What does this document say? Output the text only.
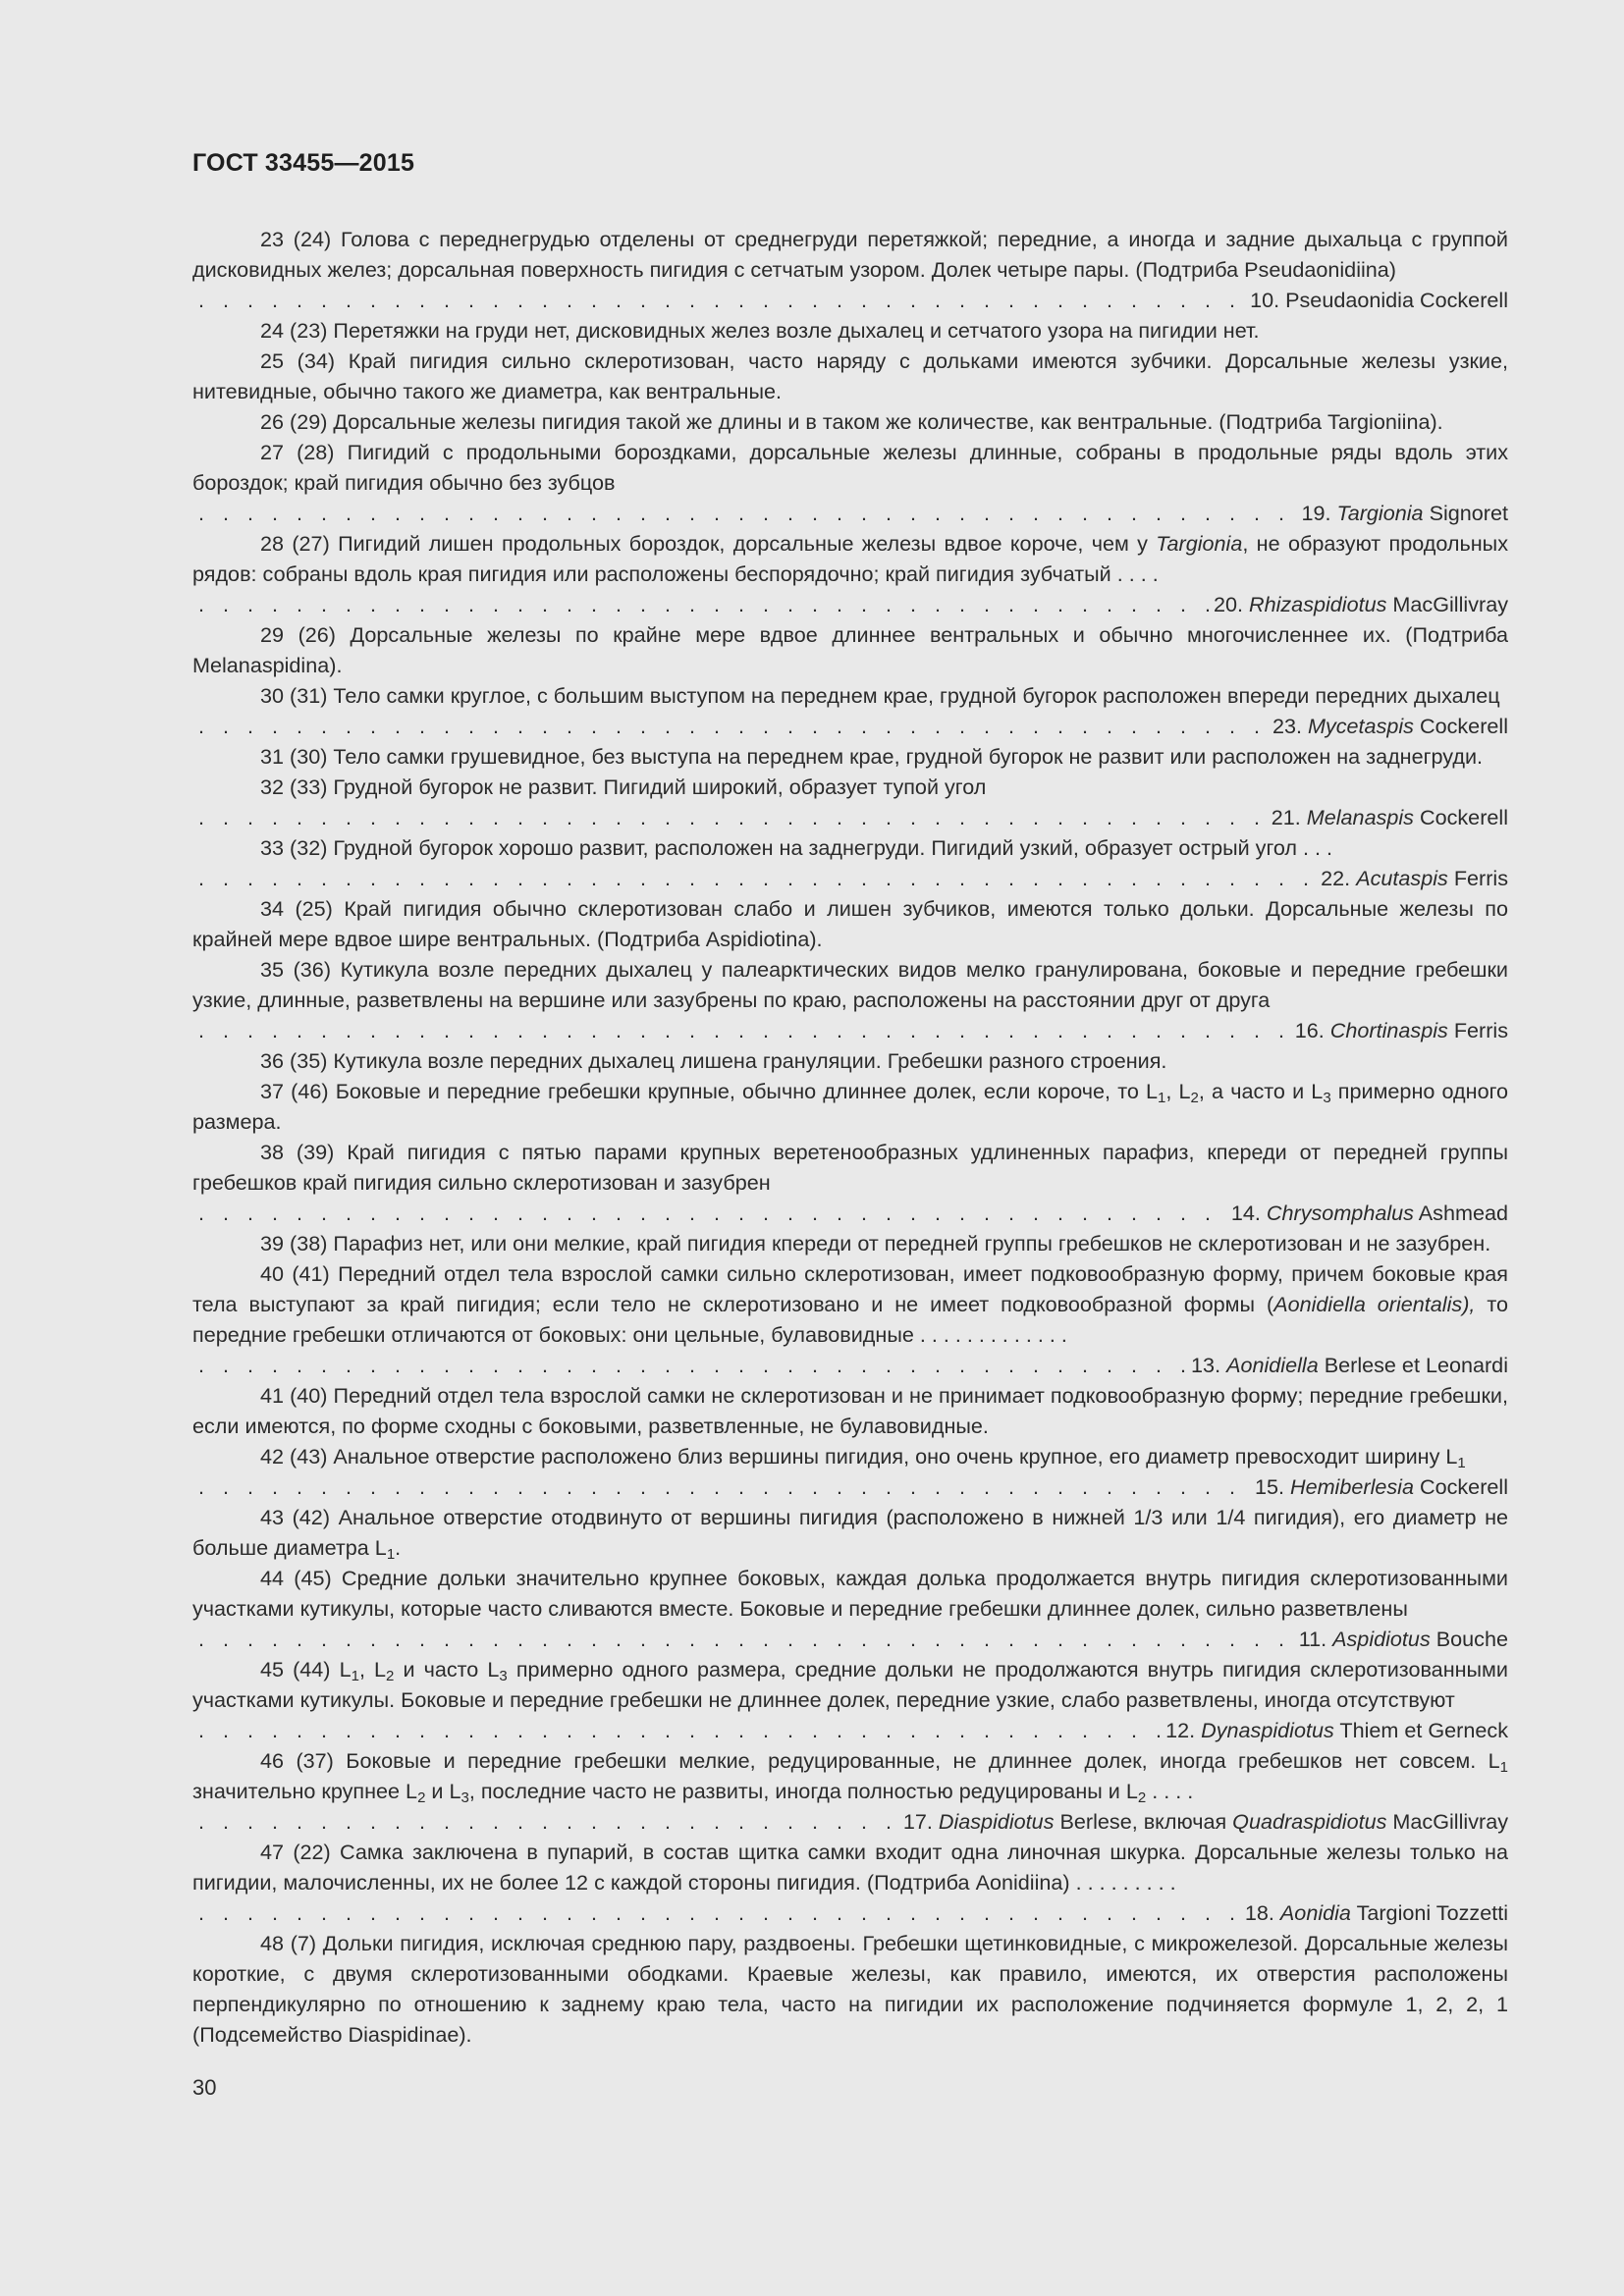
ГОСТ 33455—2015

23 (24) Голова с переднегрудью отделены от среднегруди перетяжкой; передние, а иногда и задние дыхальца с группой дисковидных желез; дорсальная поверхность пигидия с сетчатым узором. Долек четыре пары. (Подтриба Pseudaonidiina)

. . .
10. Pseudaonidia Cockerell

24 (23) Перетяжки на груди нет, дисковидных желез возле дыхалец и сетчатого узора на пигидии нет.

25 (34) Край пигидия сильно склеротизован, часто наряду с дольками имеются зубчики. Дорсальные железы узкие, нитевидные, обычно такого же диаметра, как вентральные.

26 (29) Дорсальные железы пигидия такой же длины и в таком же количестве, как вентральные. (Подтриба Targioniina).

27 (28) Пигидий с продольными бороздками, дорсальные железы длинные, собраны в продольные ряды вдоль этих бороздок; край пигидия обычно без зубцов

. . .
19. Targionia Signoret

28 (27) Пигидий лишен продольных бороздок, дорсальные железы вдвое короче, чем у Targionia, не образуют продольных рядов: собраны вдоль края пигидия или расположены беспорядочно; край пигидия зубчатый . . . .

. . .
20. Rhizaspidiotus MacGillivray

29 (26) Дорсальные железы по крайне мере вдвое длиннее вентральных и обычно многочисленнее их. (Подтриба Melanaspidina).

30 (31) Тело самки круглое, с большим выступом на переднем крае, грудной бугорок расположен впереди передних дыхалец

. . .
23. Mycetaspis Cockerell

31 (30) Тело самки грушевидное, без выступа на переднем крае, грудной бугорок не развит или расположен на заднегруди.

32 (33) Грудной бугорок не развит. Пигидий широкий, образует тупой угол

. . .
21. Melanaspis Cockerell

33 (32) Грудной бугорок хорошо развит, расположен на заднегруди. Пигидий узкий, образует острый угол . . .

. . .
22. Acutaspis Ferris

34 (25) Край пигидия обычно склеротизован слабо и лишен зубчиков, имеются только дольки. Дорсальные железы по крайней мере вдвое шире вентральных. (Подтриба Aspidiotina).

35 (36) Кутикула возле передних дыхалец у палеарктических видов мелко гранулирована, боковые и передние гребешки узкие, длинные, разветвлены на вершине или зазубрены по краю, расположены на расстоянии друг от друга

. . .
16. Chortinaspis Ferris

36 (35) Кутикула возле передних дыхалец лишена грануляции. Гребешки разного строения.

37 (46) Боковые и передние гребешки крупные, обычно длиннее долек, если короче, то $L_1$, $L_2$, а часто и $L_3$ примерно одного размера.

38 (39) Край пигидия с пятью парами крупных веретенообразных удлиненных парафиз, кпереди от передней группы гребешков край пигидия сильно склеротизован и зазубрен

. . .
14. Chrysomphalus Ashmead

39 (38) Парафиз нет, или они мелкие, край пигидия кпереди от передней группы гребешков не склеротизован и не зазубрен.

40 (41) Передний отдел тела взрослой самки сильно склеротизован, имеет подковообразную форму, причем боковые края тела выступают за край пигидия; если тело не склеротизовано и не имеет подковообразной формы (Aonidiella orientalis), то передние гребешки отличаются от боковых: они цельные, булавовидные . . . . . . . . . . . . .

. . .
13. Aonidiella Berlese et Leonardi

41 (40) Передний отдел тела взрослой самки не склеротизован и не принимает подковообразную форму; передние гребешки, если имеются, по форме сходны с боковыми, разветвленные, не булавовидные.

42 (43) Анальное отверстие расположено близ вершины пигидия, оно очень крупное, его диаметр превосходит ширину $L_1$

. . .
15. Hemiberlesia Cockerell

43 (42) Анальное отверстие отодвинуто от вершины пигидия (расположено в нижней 1/3 или 1/4 пигидия), его диаметр не больше диаметра $L_1$.

44 (45) Средние дольки значительно крупнее боковых, каждая долька продолжается внутрь пигидия склеротизованными участками кутикулы, которые часто сливаются вместе. Боковые и передние гребешки длиннее долек, сильно разветвлены

. . .
11. Aspidiotus Bouche

45 (44) $L_1$, $L_2$ и часто $L_3$ примерно одного размера, средние дольки не продолжаются внутрь пигидия склеротизованными участками кутикулы. Боковые и передние гребешки не длиннее долек, передние узкие, слабо разветвлены, иногда отсутствуют

. . .
12. Dynaspidiotus Thiem et Gerneck

46 (37) Боковые и передние гребешки мелкие, редуцированные, не длиннее долек, иногда гребешков нет совсем. $L_1$ значительно крупнее $L_2$ и $L_3$, последние часто не развиты, иногда полностью редуцированы и $L_2$ . . . .

. . .
17. Diaspidiotus Berlese, включая Quadraspidiotus MacGillivray

47 (22) Самка заключена в пупарий, в состав щитка самки входит одна линочная шкурка. Дорсальные железы только на пигидии, малочисленны, их не более 12 с каждой стороны пигидия. (Подтриба Aonidiina) . . . . . . . . .

. . .
18. Aonidia Targioni Tozzetti

48 (7) Дольки пигидия, исключая среднюю пару, раздвоены. Гребешки щетинковидные, с микрожелезой. Дорсальные железы короткие, с двумя склеротизованными ободками. Краевые железы, как правило, имеются, их отверстия расположены перпендикулярно по отношению к заднему краю тела, часто на пигидии их расположение подчиняется формуле 1, 2, 2, 1 (Подсемейство Diaspidinae).

30
